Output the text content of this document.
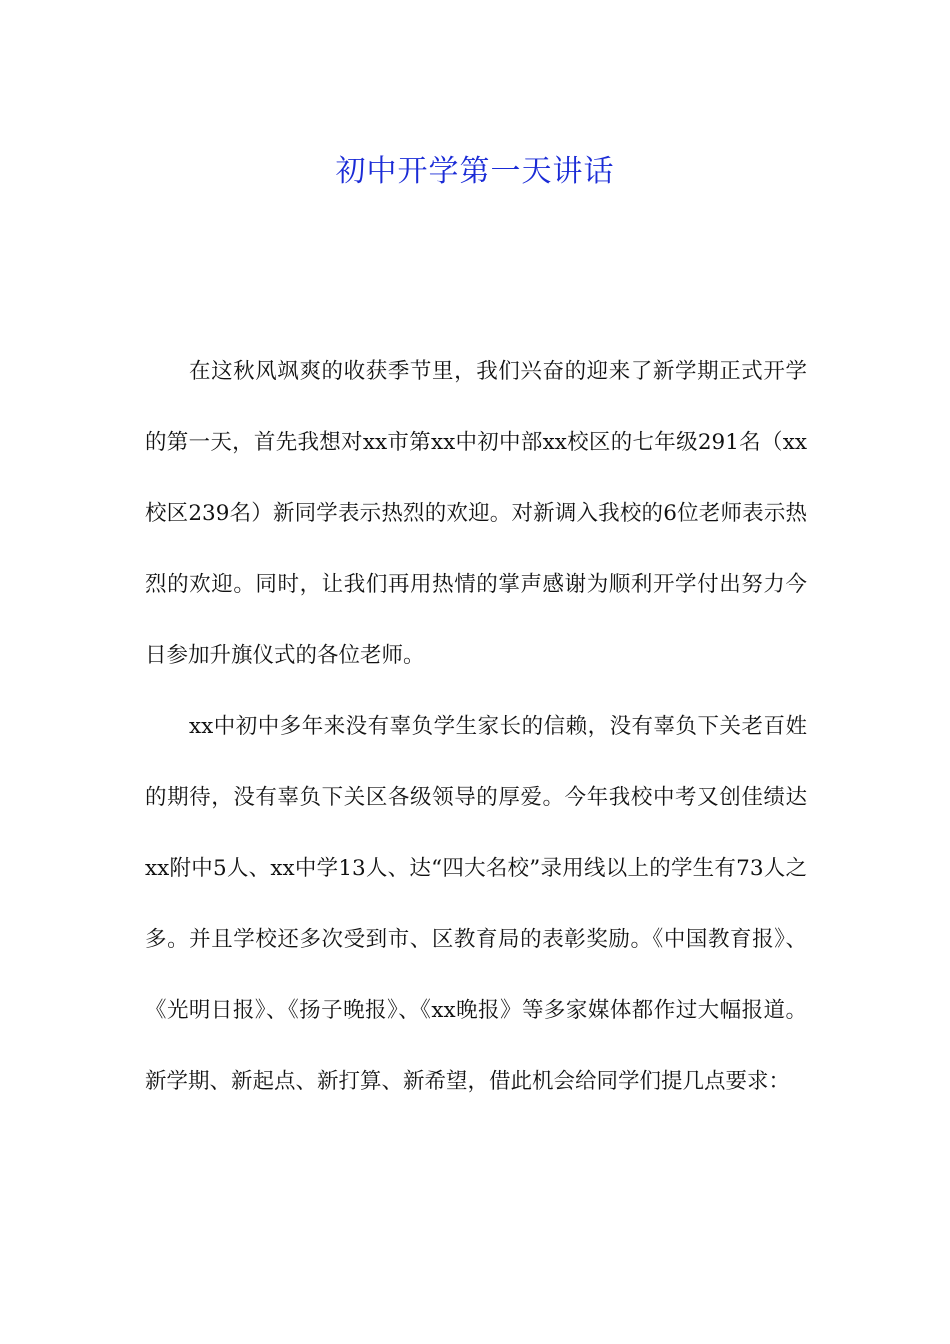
初中开学第一天讲话

在这秋风飒爽的收获季节里，我们兴奋的迎来了新学期正式开学的第一天，首先我想对xx市第xx中初中部xx校区的七年级291名（xx校区239名）新同学表示热烈的欢迎。对新调入我校的6位老师表示热烈的欢迎。同时，让我们再用热情的掌声感谢为顺利开学付出努力今日参加升旗仪式的各位老师。

xx中初中多年来没有辜负学生家长的信赖，没有辜负下关老百姓的期待，没有辜负下关区各级领导的厚爱。今年我校中考又创佳绩达xx附中5人、xx中学13人、达“四大名校”录用线以上的学生有73人之多。并且学校还多次受到市、区教育局的表彰奖励。《中国教育报》、《光明日报》、《扬子晚报》、《xx晚报》等多家媒体都作过大幅报道。新学期、新起点、新打算、新希望，借此机会给同学们提几点要求：
